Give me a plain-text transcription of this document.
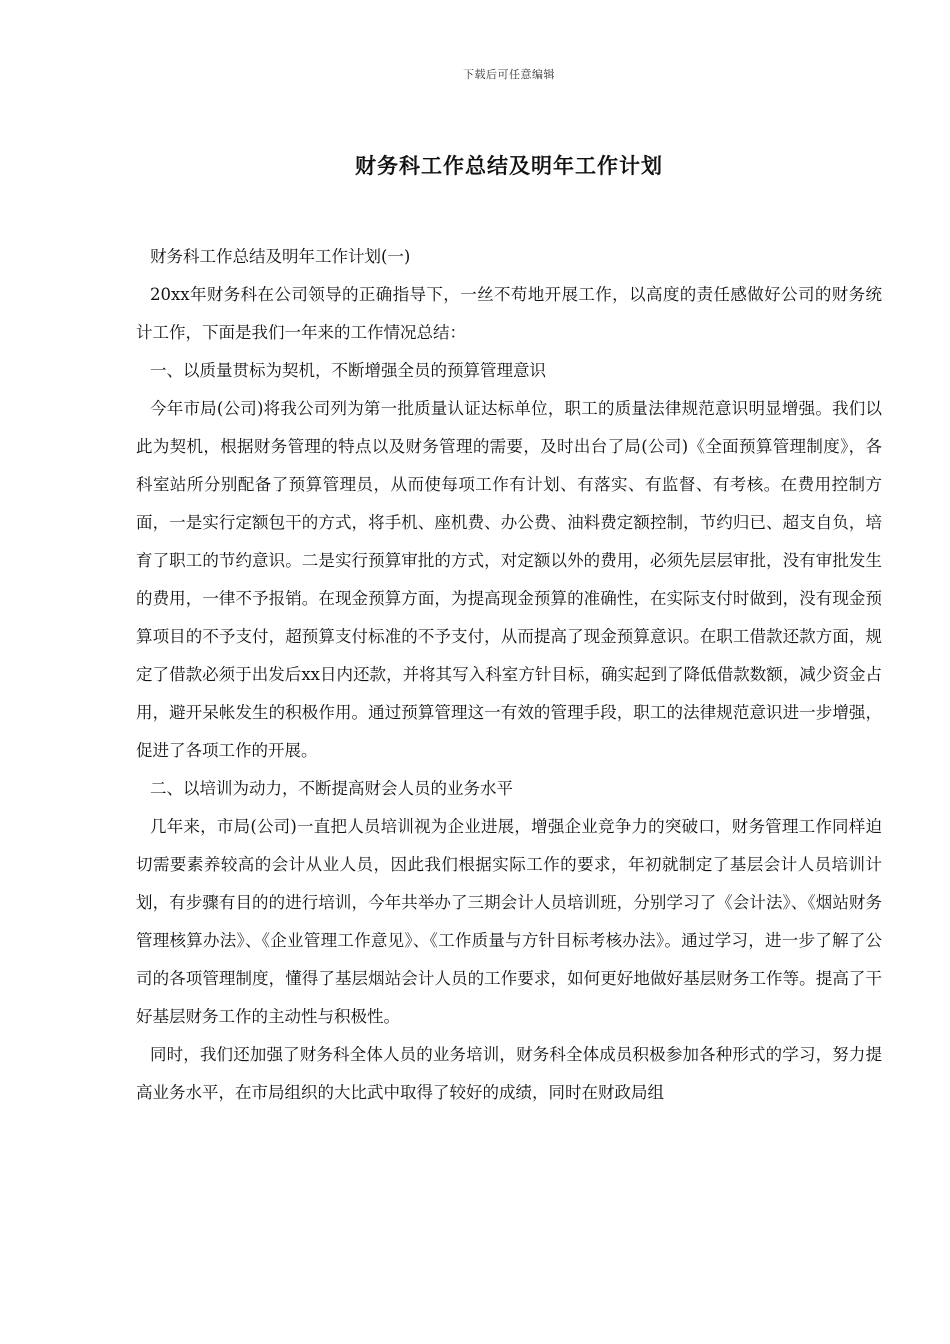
下载后可任意编辑
财务科工作总结及明年工作计划

财务科工作总结及明年工作计划(一)

20xx年财务科在公司领导的正确指导下，一丝不苟地开展工作，以高度的责任感做好公司的财务统计工作，下面是我们一年来的工作情况总结：

一、以质量贯标为契机，不断增强全员的预算管理意识

今年市局(公司)将我公司列为第一批质量认证达标单位，职工的质量法律规范意识明显增强。我们以此为契机，根据财务管理的特点以及财务管理的需要，及时出台了局(公司)《全面预算管理制度》，各科室站所分别配备了预算管理员，从而使每项工作有计划、有落实、有监督、有考核。在费用控制方面，一是实行定额包干的方式，将手机、座机费、办公费、油料费定额控制，节约归已、超支自负，培育了职工的节约意识。二是实行预算审批的方式，对定额以外的费用，必须先层层审批，没有审批发生的费用，一律不予报销。在现金预算方面，为提高现金预算的准确性，在实际支付时做到，没有现金预算项目的不予支付，超预算支付标准的不予支付，从而提高了现金预算意识。在职工借款还款方面，规定了借款必须于出发后xx日内还款，并将其写入科室方针目标，确实起到了降低借款数额，减少资金占用，避开呆帐发生的积极作用。通过预算管理这一有效的管理手段，职工的法律规范意识进一步增强，促进了各项工作的开展。

二、以培训为动力，不断提高财会人员的业务水平

几年来，市局(公司)一直把人员培训视为企业进展，增强企业竞争力的突破口，财务管理工作同样迫切需要素养较高的会计从业人员，因此我们根据实际工作的要求，年初就制定了基层会计人员培训计划，有步骤有目的的进行培训，今年共举办了三期会计人员培训班，分别学习了《会计法》、《烟站财务管理核算办法》、《企业管理工作意见》、《工作质量与方针目标考核办法》。通过学习，进一步了解了公司的各项管理制度，懂得了基层烟站会计人员的工作要求，如何更好地做好基层财务工作等。提高了干好基层财务工作的主动性与积极性。

同时，我们还加强了财务科全体人员的业务培训，财务科全体成员积极参加各种形式的学习，努力提高业务水平，在市局组织的大比武中取得了较好的成绩，同时在财政局组
